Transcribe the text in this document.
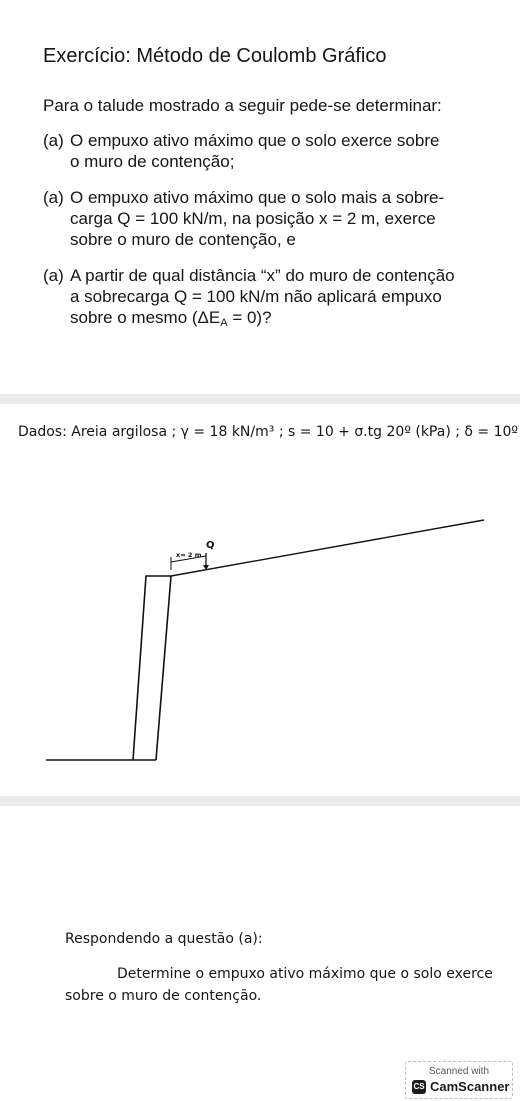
Exercício: Método de Coulomb Gráfico
Para o talude mostrado a seguir pede-se determinar:
(a) O empuxo ativo máximo que o solo exerce sobre
o muro de contenção;
(a) O empuxo ativo máximo que o solo mais a sobre-
carga Q = 100 kN/m, na posição x = 2 m, exerce
sobre o muro de contenção, e
(a) A partir de qual distância “x” do muro de contenção
a sobrecarga Q = 100 kN/m não aplicará empuxo
sobre o mesmo $(\Delta E_A = 0)$?
Dados: Areia argilosa ; γ = 18 kN/m³ ; s = 10 + σ.tg 20º (kPa) ; δ = 10º
x= 2 m
Q
Respondendo a questão (a):
Determine o empuxo ativo máximo que o solo exerce
sobre o muro de contenção.
Scanned with
CS CamScanner
